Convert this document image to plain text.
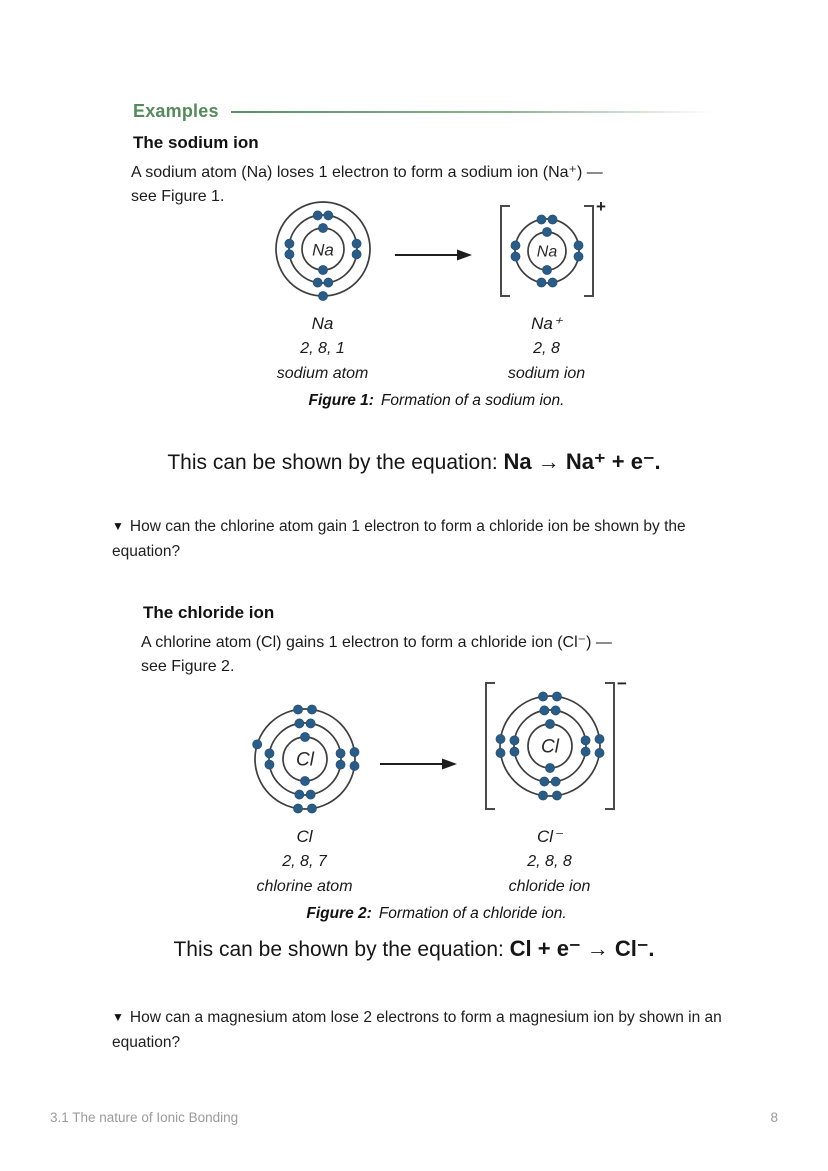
Examples
The sodium ion
A sodium atom (Na) loses 1 electron to form a sodium ion (Na⁺) —
see Figure 1.
Na
Na
2, 8, 1
sodium atom
Na
+
Na⁺
2, 8
sodium ion
Figure 1: Formation of a sodium ion.
This can be shown by the equation: Na → Na⁺ + e⁻.
▼ How can the chlorine atom gain 1 electron to form a chloride ion be shown by the equation?
The chloride ion
A chlorine atom (Cl) gains 1 electron to form a chloride ion (Cl⁻) —
see Figure 2.
Cl
Cl
2, 8, 7
chlorine atom
Cl
−
Cl⁻
2, 8, 8
chloride ion
Figure 2: Formation of a chloride ion.
This can be shown by the equation: Cl + e⁻ → Cl⁻.
▼ How can a magnesium atom lose 2 electrons to form a magnesium ion by shown in an equation?
3.1 The nature of Ionic Bonding	8
